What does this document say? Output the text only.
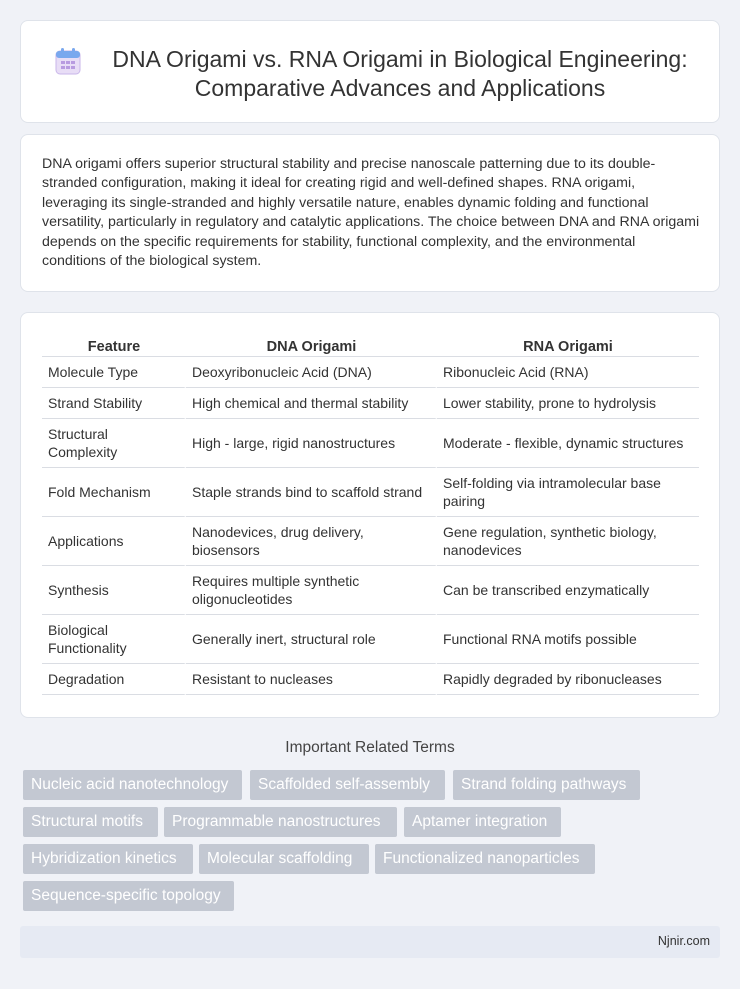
DNA Origami vs. RNA Origami in Biological Engineering: Comparative Advances and Applications

DNA origami offers superior structural stability and precise nanoscale patterning due to its double-stranded configuration, making it ideal for creating rigid and well-defined shapes. RNA origami, leveraging its single-stranded and highly versatile nature, enables dynamic folding and functional versatility, particularly in regulatory and catalytic applications. The choice between DNA and RNA origami depends on the specific requirements for stability, functional complexity, and the environmental conditions of the biological system.

Feature	DNA Origami	RNA Origami
Molecule Type	Deoxyribonucleic Acid (DNA)	Ribonucleic Acid (RNA)
Strand Stability	High chemical and thermal stability	Lower stability, prone to hydrolysis
Structural Complexity	High - large, rigid nanostructures	Moderate - flexible, dynamic structures
Fold Mechanism	Staple strands bind to scaffold strand	Self-folding via intramolecular base pairing
Applications	Nanodevices, drug delivery, biosensors	Gene regulation, synthetic biology, nanodevices
Synthesis	Requires multiple synthetic oligonucleotides	Can be transcribed enzymatically
Biological Functionality	Generally inert, structural role	Functional RNA motifs possible
Degradation	Resistant to nucleases	Rapidly degraded by ribonucleases
Important Related Terms
Nucleic acid nanotechnology	Scaffolded self-assembly	Strand folding pathways
Structural motifs	Programmable nanostructures	Aptamer integration
Hybridization kinetics	Molecular scaffolding	Functionalized nanoparticles
Sequence-specific topology
Njnir.com
